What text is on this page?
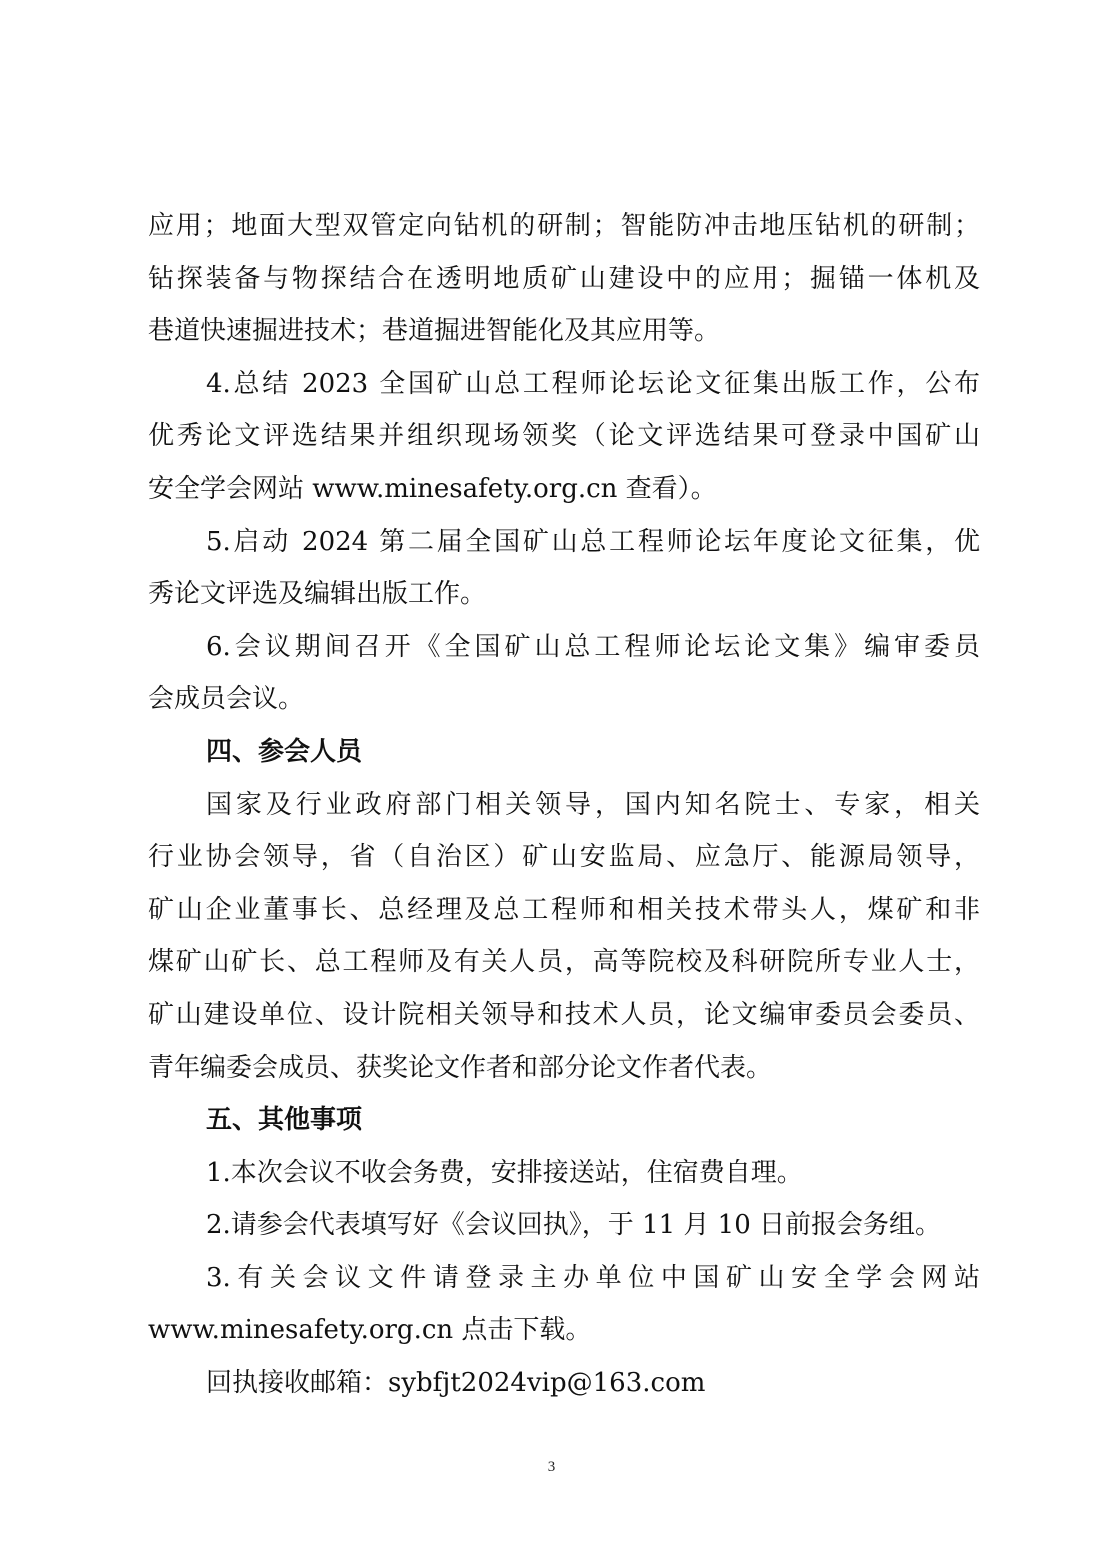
应用；地面大型双管定向钻机的研制；智能防冲击地压钻机的研制；
钻探装备与物探结合在透明地质矿山建设中的应用；掘锚一体机及
巷道快速掘进技术；巷道掘进智能化及其应用等。
4.总结 2023 全国矿山总工程师论坛论文征集出版工作，公布
优秀论文评选结果并组织现场领奖（论文评选结果可登录中国矿山
安全学会网站 www.minesafety.org.cn 查看）。
5.启动 2024 第二届全国矿山总工程师论坛年度论文征集，优
秀论文评选及编辑出版工作。
6.会议期间召开《全国矿山总工程师论坛论文集》编审委员
会成员会议。
四、参会人员
国家及行业政府部门相关领导，国内知名院士、专家，相关
行业协会领导，省（自治区）矿山安监局、应急厅、能源局领导，
矿山企业董事长、总经理及总工程师和相关技术带头人，煤矿和非
煤矿山矿长、总工程师及有关人员，高等院校及科研院所专业人士，
矿山建设单位、设计院相关领导和技术人员，论文编审委员会委员、
青年编委会成员、获奖论文作者和部分论文作者代表。
五、其他事项
1.本次会议不收会务费，安排接送站，住宿费自理。
2.请参会代表填写好《会议回执》，于 11 月 10 日前报会务组。
3.有关会议文件请登录主办单位中国矿山安全学会网站
www.minesafety.org.cn 点击下载。
回执接收邮箱：sybfjt2024vip@163.com
3
